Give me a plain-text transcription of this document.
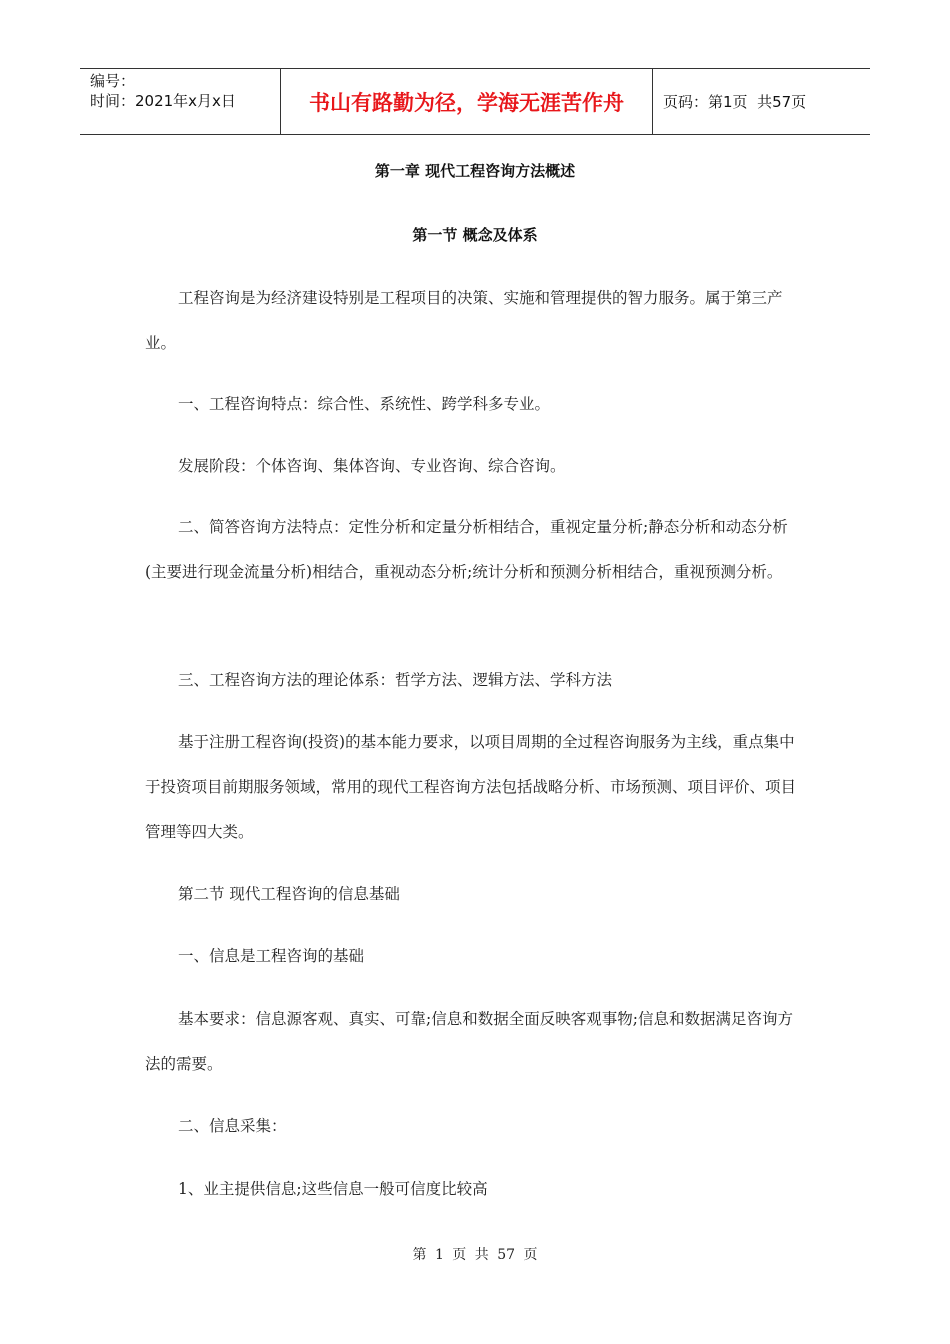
编号：
时间：2021年x月x日	书山有路勤为径，学海无涯苦作舟	页码：第1页  共57页
第一章 现代工程咨询方法概述
第一节 概念及体系

工程咨询是为经济建设特别是工程项目的决策、实施和管理提供的智力服务。属于第三产业。

一、工程咨询特点：综合性、系统性、跨学科多专业。

发展阶段：个体咨询、集体咨询、专业咨询、综合咨询。

二、简答咨询方法特点：定性分析和定量分析相结合，重视定量分析;静态分析和动态分析(主要进行现金流量分析)相结合，重视动态分析;统计分析和预测分析相结合，重视预测分析。

三、工程咨询方法的理论体系：哲学方法、逻辑方法、学科方法

基于注册工程咨询(投资)的基本能力要求，以项目周期的全过程咨询服务为主线，重点集中于投资项目前期服务领域，常用的现代工程咨询方法包括战略分析、市场预测、项目评价、项目管理等四大类。

第二节 现代工程咨询的信息基础

一、信息是工程咨询的基础

基本要求：信息源客观、真实、可靠;信息和数据全面反映客观事物;信息和数据满足咨询方法的需要。

二、信息采集：

1、业主提供信息;这些信息一般可信度比较高

第 1 页 共 57 页
